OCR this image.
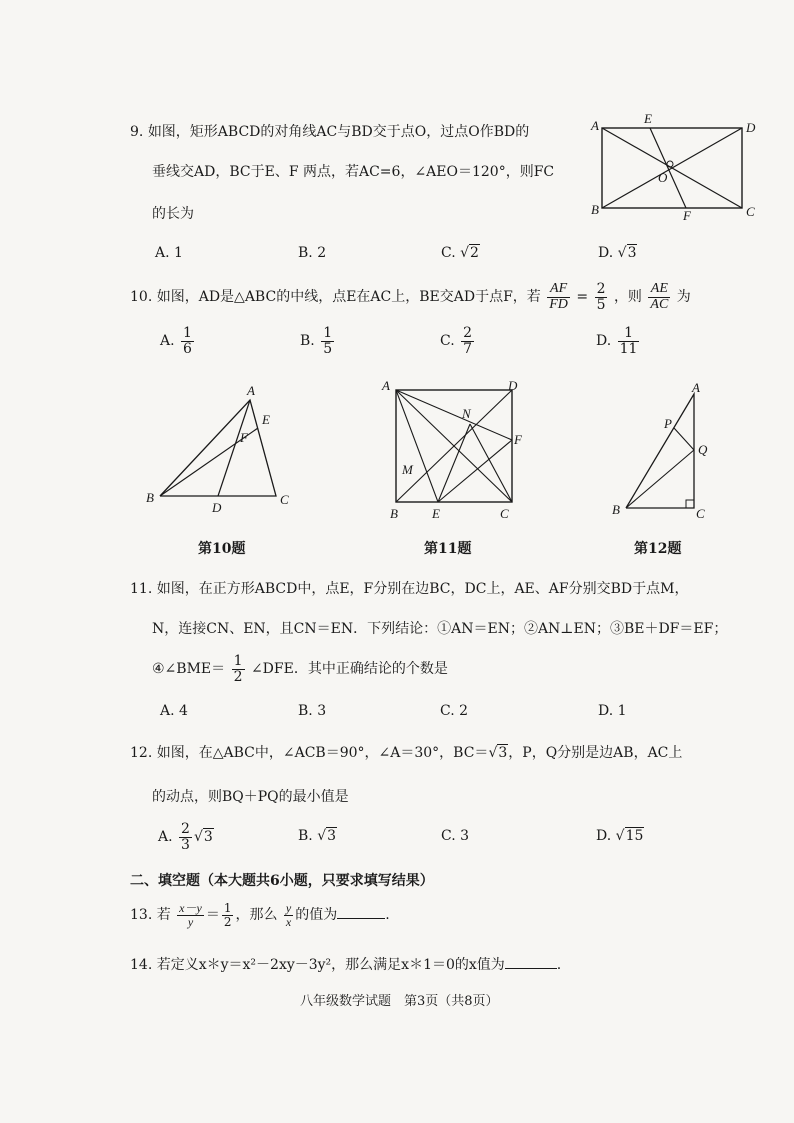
9. 如图，矩形ABCD的对角线AC与BD交于点O，过点O作BD的
垂线交AD，BC于E、F 两点，若AC=6，∠AEO＝120°，则FC
的长为
A	D
B	C
E
F
O
A. 1	B. 2	C. √2	D. √3
10. 如图，AD是△ABC的中线，点E在AC上，BE交AD于点F，若 $\frac{AF}{FD} = \frac{2}{5}$ ，则 $\frac{AE}{AC}$ 为
A. $\frac{1}{6}$	B. $\frac{1}{5}$	C. $\frac{2}{7}$	D. $\frac{1}{11}$
A
B	C
D
E
F
第10题
A	D
B	C
E
F
M
N
第11题
A
B	C
P
Q
第12题
11. 如图，在正方形ABCD中，点E，F分别在边BC，DC上，AE、AF分别交BD于点M，
N，连接CN、EN，且CN＝EN．下列结论：①AN＝EN；②AN⊥EN；③BE＋DF＝EF；
④∠BME＝ $\frac{1}{2}$ ∠DFE．其中正确结论的个数是
A. 4	B. 3	C. 2	D. 1
12. 如图，在△ABC中，∠ACB＝90°，∠A＝30°，BC＝√3，P，Q分别是边AB，AC上
的动点，则BQ＋PQ的最小值是
A. $\frac{2}{3} √3$	B. √3	C. 3	D. √15
二、填空题（本大题共6小题，只要求填写结果）
13. 若 $\frac{x-y}{y} = \frac{1}{2}$ ，那么 $\frac{y}{x}$ 的值为	.
14. 若定义x＊y＝x²－2xy－3y²，那么满足x＊1＝0的x值为	.
八年级数学试题　第3页（共8页）
